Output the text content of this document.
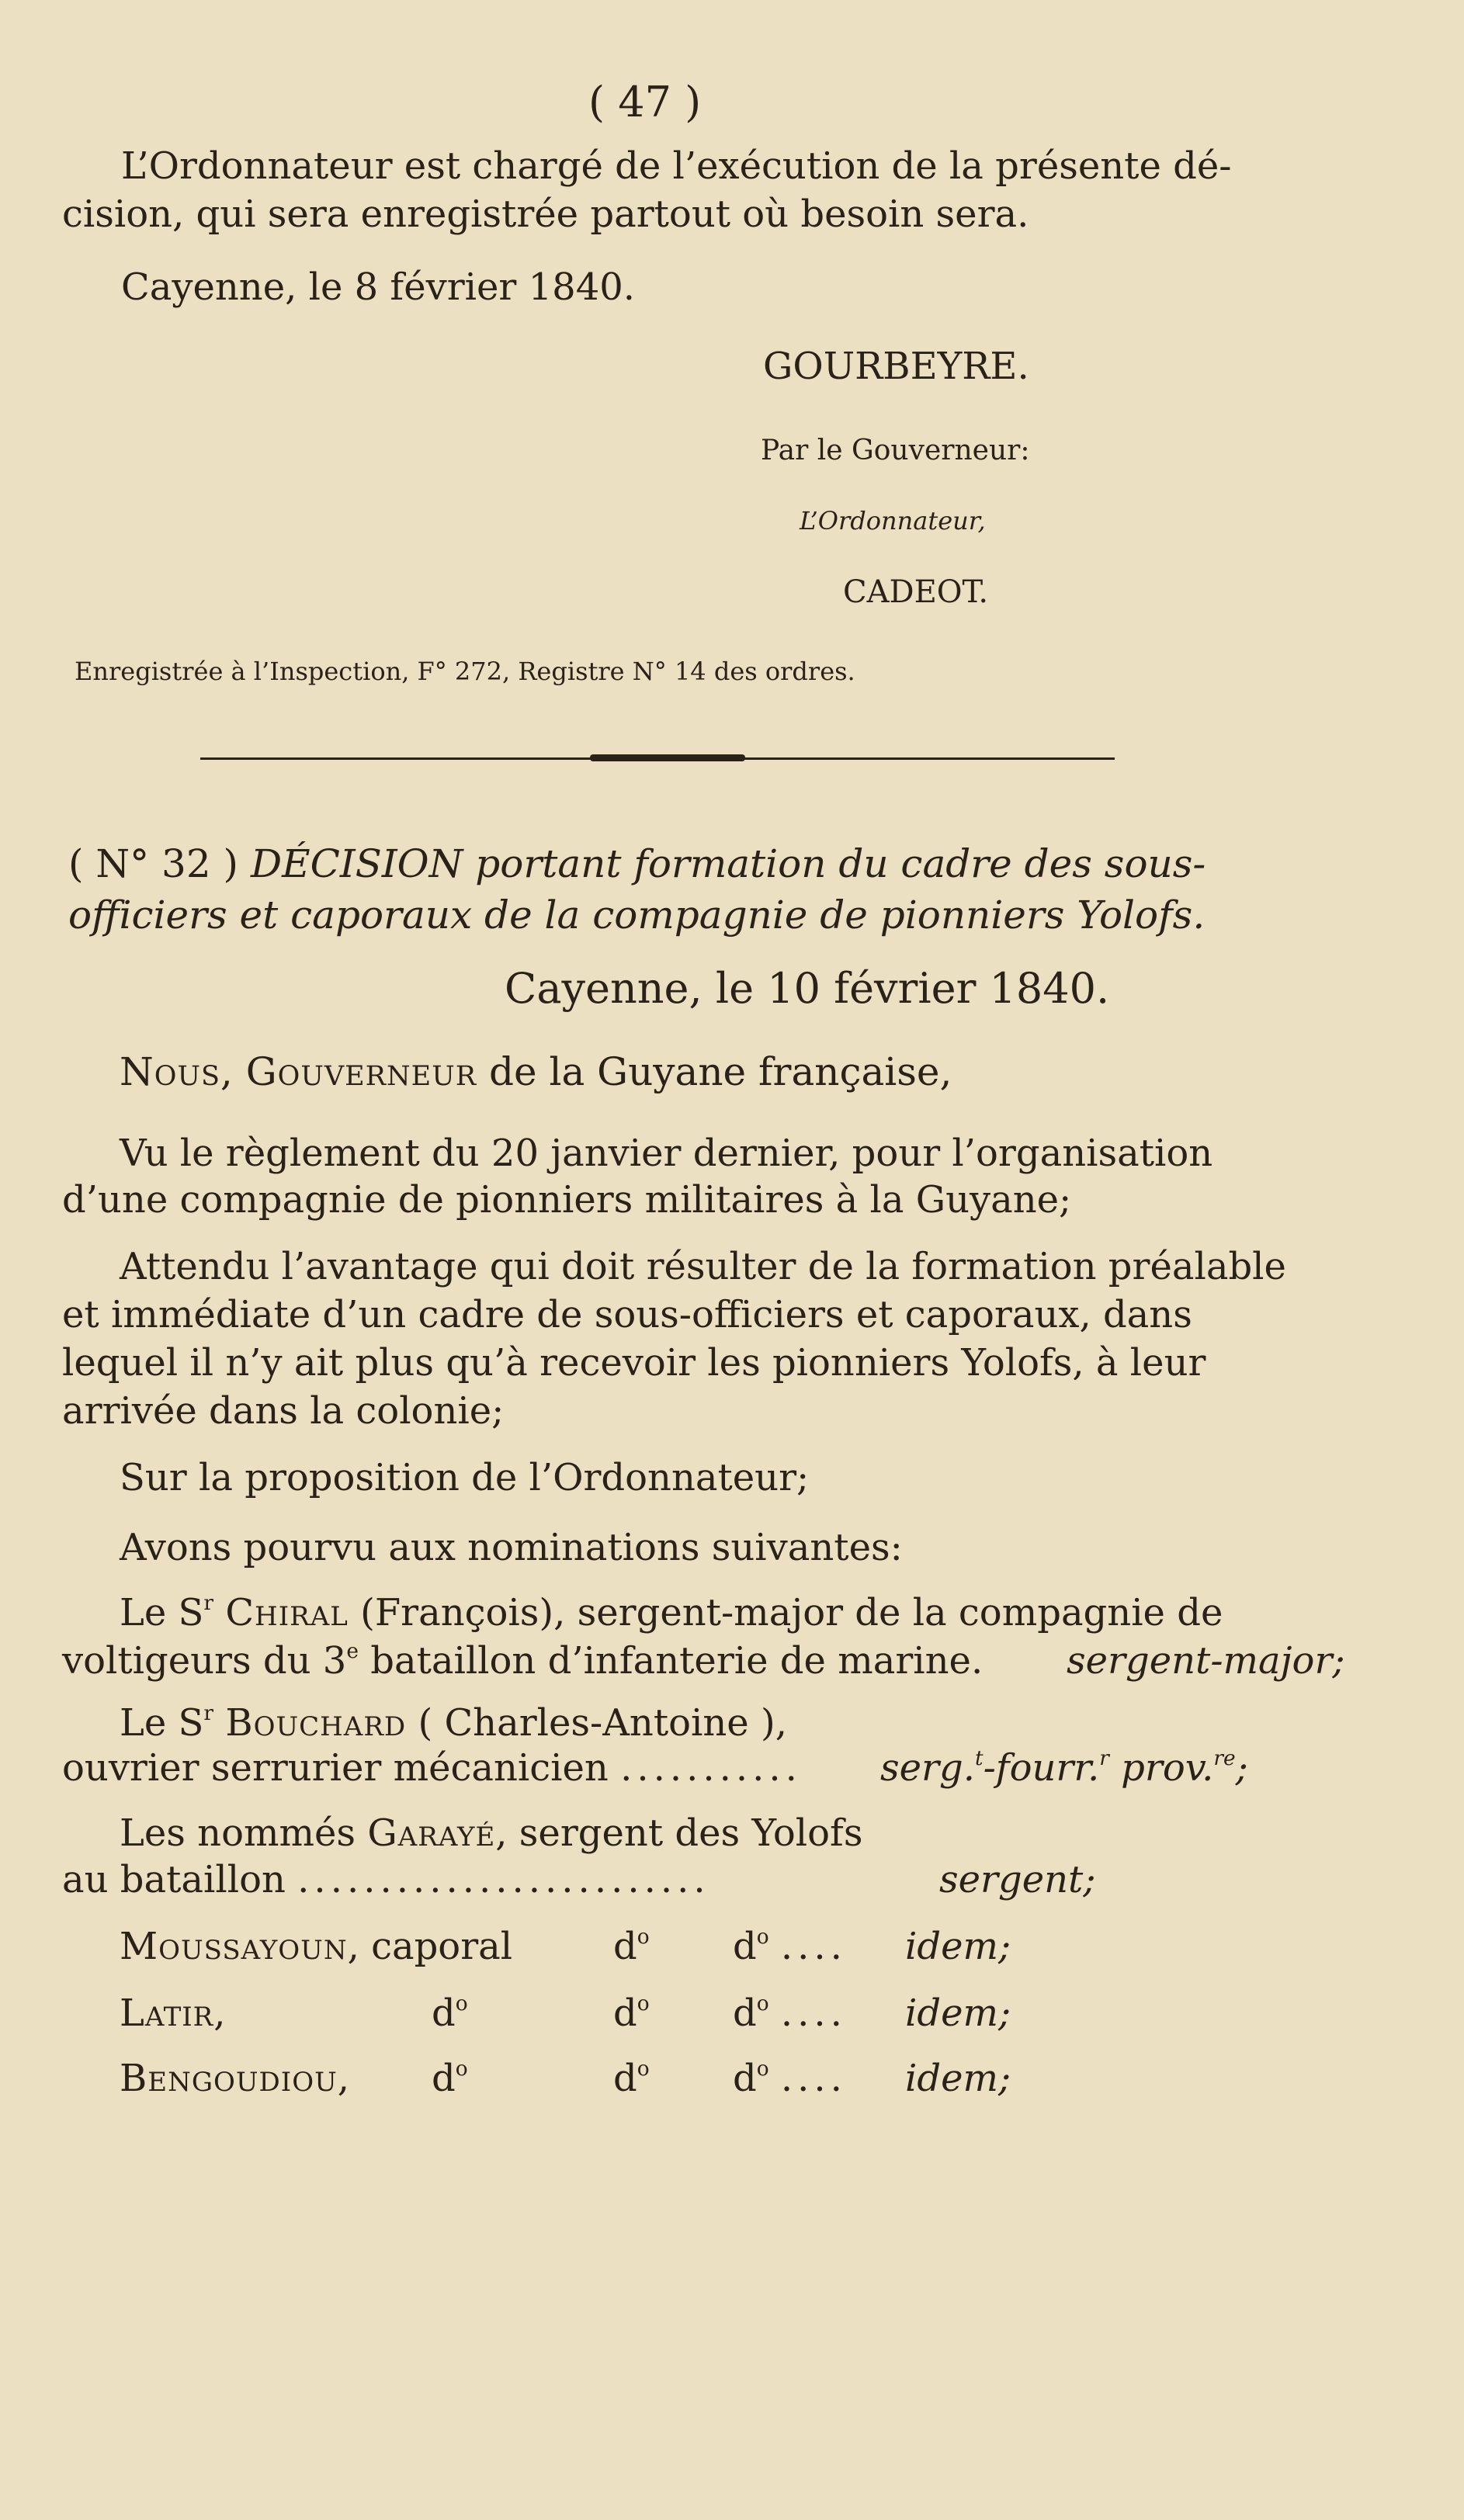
( 47 )
L’Ordonnateur est chargé de l’exécution de la présente dé-
cision, qui sera enregistrée partout où besoin sera.
Cayenne, le 8 février 1840.
GOURBEYRE.
Par le Gouverneur:
L’Ordonnateur,
CADEOT.
Enregistrée à l’Inspection, F° 272, Registre N° 14 des ordres.
( N° 32 ) DÉCISION portant formation du cadre des sous-
officiers et caporaux de la compagnie de pionniers Yolofs.
Cayenne, le 10 février 1840.
Nous, Gouverneur de la Guyane française,
Vu le règlement du 20 janvier dernier, pour l’organisation
d’une compagnie de pionniers militaires à la Guyane;
Attendu l’avantage qui doit résulter de la formation préalable
et immédiate d’un cadre de sous-officiers et caporaux, dans
lequel il n’y ait plus qu’à recevoir les pionniers Yolofs, à leur
arrivée dans la colonie;
Sur la proposition de l’Ordonnateur;
Avons pourvu aux nominations suivantes:
Le $S^r$ Chiral (François), sergent-major de la compagnie de
voltigeurs du 3e bataillon d’infanterie de marine. sergent-major;
Le $S^r$ Bouchard ( Charles-Antoine ),
ouvrier serrurier mécanicien ........... serg.$^t$-fourr.$^r$ prov.$^{re}$;
Les nommés Garayé, sergent des Yolofs
au bataillon .........................	sergent;
Moussayoun, caporal	$d^o$ $d^o$ .... idem;
Latir,	$d^o$	$d^o$ $d^o$ .... idem;
Bengoudiou, $d^o$	$d^o$ $d^o$ .... idem;
